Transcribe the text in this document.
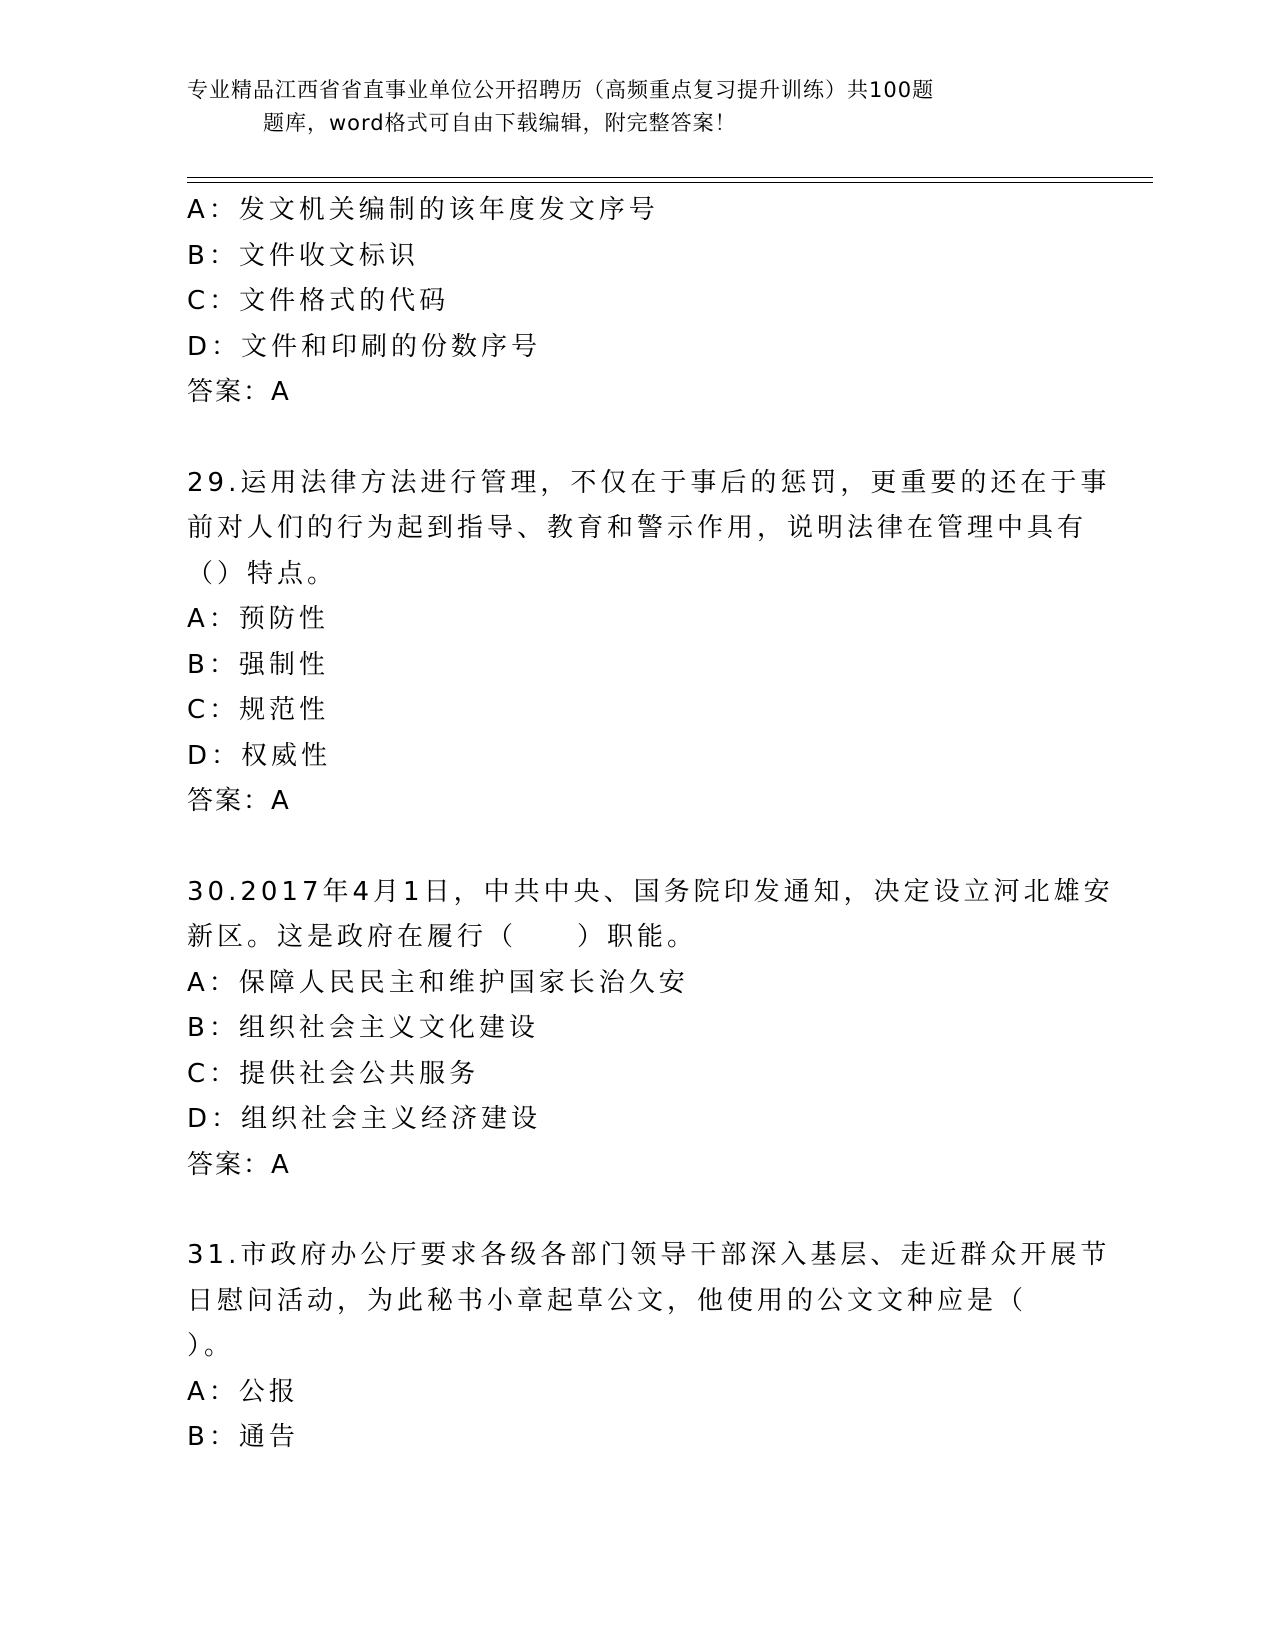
专业精品江西省省直事业单位公开招聘历（高频重点复习提升训练）共100题
题库，word格式可自由下载编辑，附完整答案！
A：发文机关编制的该年度发文序号
B：文件收文标识
C：文件格式的代码
D：文件和印刷的份数序号
答案：A
29.运用法律方法进行管理，不仅在于事后的惩罚，更重要的还在于事
前对人们的行为起到指导、教育和警示作用，说明法律在管理中具有
（）特点。
A：预防性
B：强制性
C：规范性
D：权威性
答案：A
30.2017年4月1日，中共中央、国务院印发通知，决定设立河北雄安
新区。这是政府在履行（　　）职能。
A：保障人民民主和维护国家长治久安
B：组织社会主义文化建设
C：提供社会公共服务
D：组织社会主义经济建设
答案：A
31.市政府办公厅要求各级各部门领导干部深入基层、走近群众开展节
日慰问活动，为此秘书小章起草公文，他使用的公文文种应是（
）。
A：公报
B：通告
